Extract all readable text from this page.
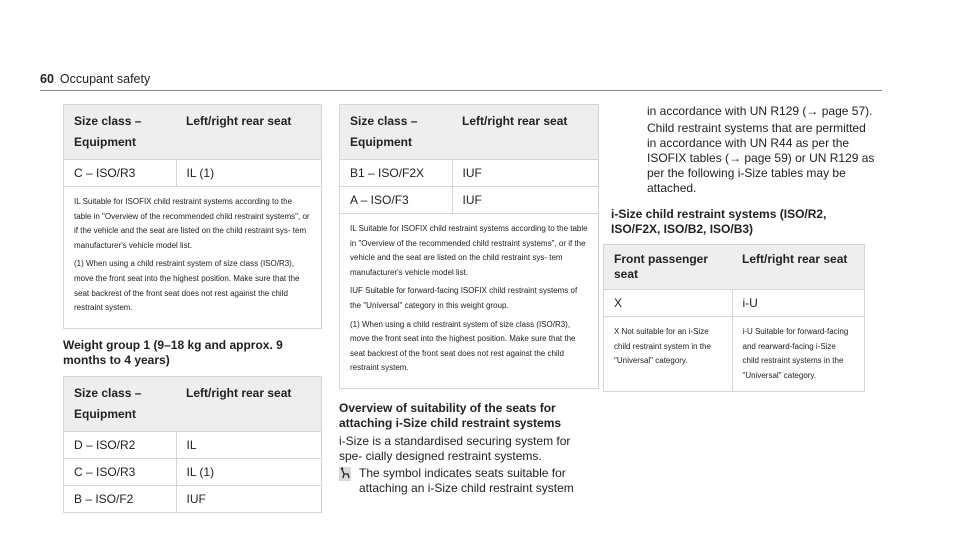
60 Occupant safety
Size class – Equipment	Left/right rear seat
C – ISO/R3	IL (1)

IL Suitable for ISOFIX child restraint systems according to the table in "Overview of the recommended child restraint systems", or if the vehicle and the seat are listed on the child restraint sys- tem manufacturer's vehicle model list.

(1) When using a child restraint system of size class (ISO/R3), move the front seat into the highest position. Make sure that the seat backrest of the front seat does not rest against the child restraint system.	

Weight group 1 (9–18 kg and approx. 9 months to 4 years)
Size class – Equipment	Left/right rear seat
D – ISO/R2	IL
C – ISO/R3	IL (1)
B – ISO/F2	IUF
Size class – Equipment	Left/right rear seat
B1 – ISO/F2X	IUF
A – ISO/F3	IUF

IL Suitable for ISOFIX child restraint systems according to the table in "Overview of the recommended child restraint systems", or if the vehicle and the seat are listed on the child restraint sys- tem manufacturer's vehicle model list.

IUF Suitable for forward-facing ISOFIX child restraint systems of the "Universal" category in this weight group.

(1) When using a child restraint system of size class (ISO/R3), move the front seat into the highest position. Make sure that the seat backrest of the front seat does not rest against the child restraint system.	

Overview of suitability of the seats for attaching i-Size child restraint systems
i-Size is a standardised securing system for spe- cially designed restraint systems.
The symbol indicates seats suitable for attaching an i-Size child restraint system
in accordance with UN R129 (→ page 57).
Child restraint systems that are permitted in accordance with UN R44 as per the ISOFIX tables (→ page 59) or UN R129 as per the following i-Size tables may be attached.
i-Size child restraint systems (ISO/R2, ISO/F2X, ISO/B2, ISO/B3)
Front passenger seat	Left/right rear seat
X	i-U
X Not suitable for an i-Size child restraint system in the "Universal" category.	i-U Suitable for forward-facing and rearward-facing i-Size child restraint systems in the "Universal" category.
